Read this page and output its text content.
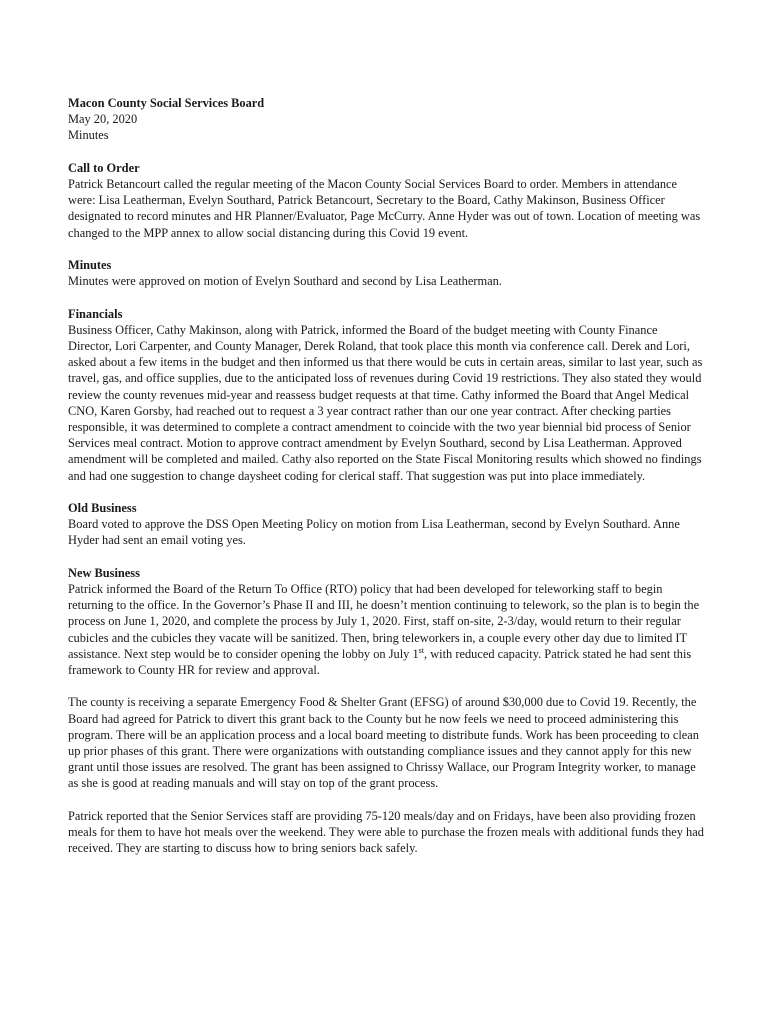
Macon County Social Services Board

May 20, 2020

Minutes

Call to Order

Patrick Betancourt called the regular meeting of the Macon County Social Services Board to order. Members in attendance were: Lisa Leatherman, Evelyn Southard, Patrick Betancourt, Secretary to the Board, Cathy Makinson, Business Officer designated to record minutes and HR Planner/Evaluator, Page McCurry. Anne Hyder was out of town. Location of meeting was changed to the MPP annex to allow social distancing during this Covid 19 event.

Minutes

Minutes were approved on motion of Evelyn Southard and second by Lisa Leatherman.

Financials

Business Officer, Cathy Makinson, along with Patrick, informed the Board of the budget meeting with County Finance Director, Lori Carpenter, and County Manager, Derek Roland, that took place this month via conference call. Derek and Lori, asked about a few items in the budget and then informed us that there would be cuts in certain areas, similar to last year, such as travel, gas, and office supplies, due to the anticipated loss of revenues during Covid 19 restrictions. They also stated they would review the county revenues mid-year and reassess budget requests at that time. Cathy informed the Board that Angel Medical CNO, Karen Gorsby, had reached out to request a 3 year contract rather than our one year contract. After checking parties responsible, it was determined to complete a contract amendment to coincide with the two year biennial bid process of Senior Services meal contract. Motion to approve contract amendment by Evelyn Southard, second by Lisa Leatherman. Approved amendment will be completed and mailed. Cathy also reported on the State Fiscal Monitoring results which showed no findings and had one suggestion to change daysheet coding for clerical staff. That suggestion was put into place immediately.

Old Business

Board voted to approve the DSS Open Meeting Policy on motion from Lisa Leatherman, second by Evelyn Southard. Anne Hyder had sent an email voting yes.

New Business

Patrick informed the Board of the Return To Office (RTO) policy that had been developed for teleworking staff to begin returning to the office. In the Governor’s Phase II and III, he doesn’t mention continuing to telework, so the plan is to begin the process on June 1, 2020, and complete the process by July 1, 2020. First, staff on-site, 2-3/day, would return to their regular cubicles and the cubicles they vacate will be sanitized. Then, bring teleworkers in, a couple every other day due to limited IT assistance. Next step would be to consider opening the lobby on July 1st, with reduced capacity. Patrick stated he had sent this framework to County HR for review and approval.

The county is receiving a separate Emergency Food & Shelter Grant (EFSG) of around $30,000 due to Covid 19. Recently, the Board had agreed for Patrick to divert this grant back to the County but he now feels we need to proceed administering this program. There will be an application process and a local board meeting to distribute funds. Work has been proceeding to clean up prior phases of this grant. There were organizations with outstanding compliance issues and they cannot apply for this new grant until those issues are resolved. The grant has been assigned to Chrissy Wallace, our Program Integrity worker, to manage as she is good at reading manuals and will stay on top of the grant process.

Patrick reported that the Senior Services staff are providing 75-120 meals/day and on Fridays, have been also providing frozen meals for them to have hot meals over the weekend. They were able to purchase the frozen meals with additional funds they had received. They are starting to discuss how to bring seniors back safely.
